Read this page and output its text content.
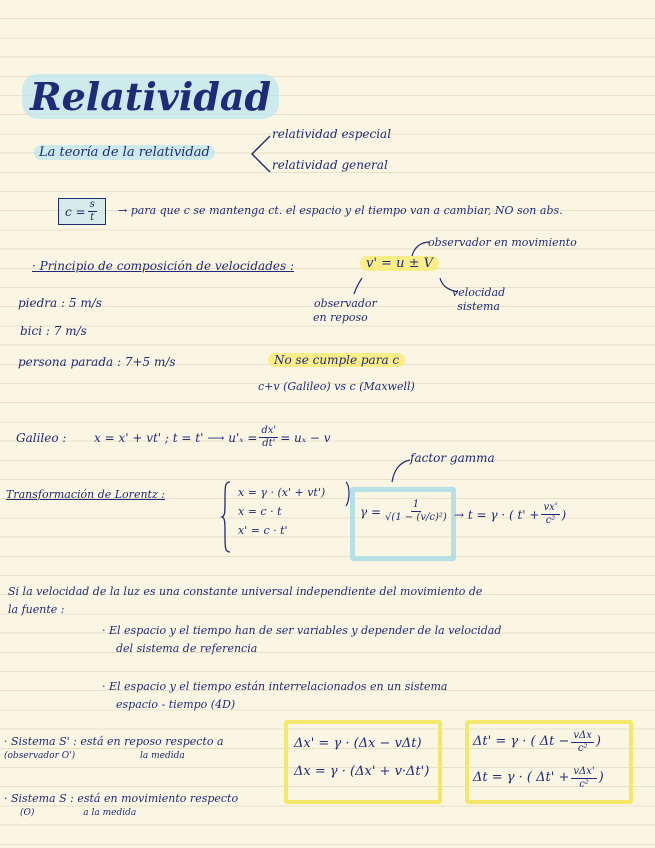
Relatividad
La teoría de la relatividad
relatividad especial
relatividad general
$c = \frac{s}{t}$ → para que c se mantenga ct. el espacio y el tiempo van a cambiar, NO son abs.
observador en movimiento
· Principio de composición de velocidades :	v' = u ± V
observador
en reposo
velocidad
sistema
piedra : 5 m/s
bici : 7 m/s
persona parada : 7+5 m/s	No se cumple para c
c+v (Galileo) vs c (Maxwell)
Galileo : x = x' + vt' ; t = t' ⟶ $u'_x = \frac{dx'}{dt'} = u_x - v$
factor gamma
Transformación de Lorentz :	x = γ · (x' + vt')
x = c · t
x' = c · t'
$\gamma = \frac{1}{\text{√(1 − (v/c)²)}} \to t = \gamma$ · ( $t' + \frac{vx'}{\text{c²}}$ )
Si la velocidad de la luz es una constante universal independiente del movimiento de
la fuente :
· El espacio y el tiempo han de ser variables y depender de la velocidad
del sistema de referencia
· El espacio y el tiempo están interrelacionados en un sistema
espacio - tiempo (4D)
· Sistema S' : está en reposo respecto a
(observador O')	la medida
· Sistema S : está en movimiento respecto
(O)	a la medida
Δx' = γ · (Δx − vΔt)
Δx = γ · (Δx' + v·Δt')
Δt' = γ · ( $\Delta t - \frac{\text{vΔx}}{\text{c²}}$ )
Δt = γ · ( $\Delta t' + \frac{\text{vΔx'}}{\text{c²}}$ )
